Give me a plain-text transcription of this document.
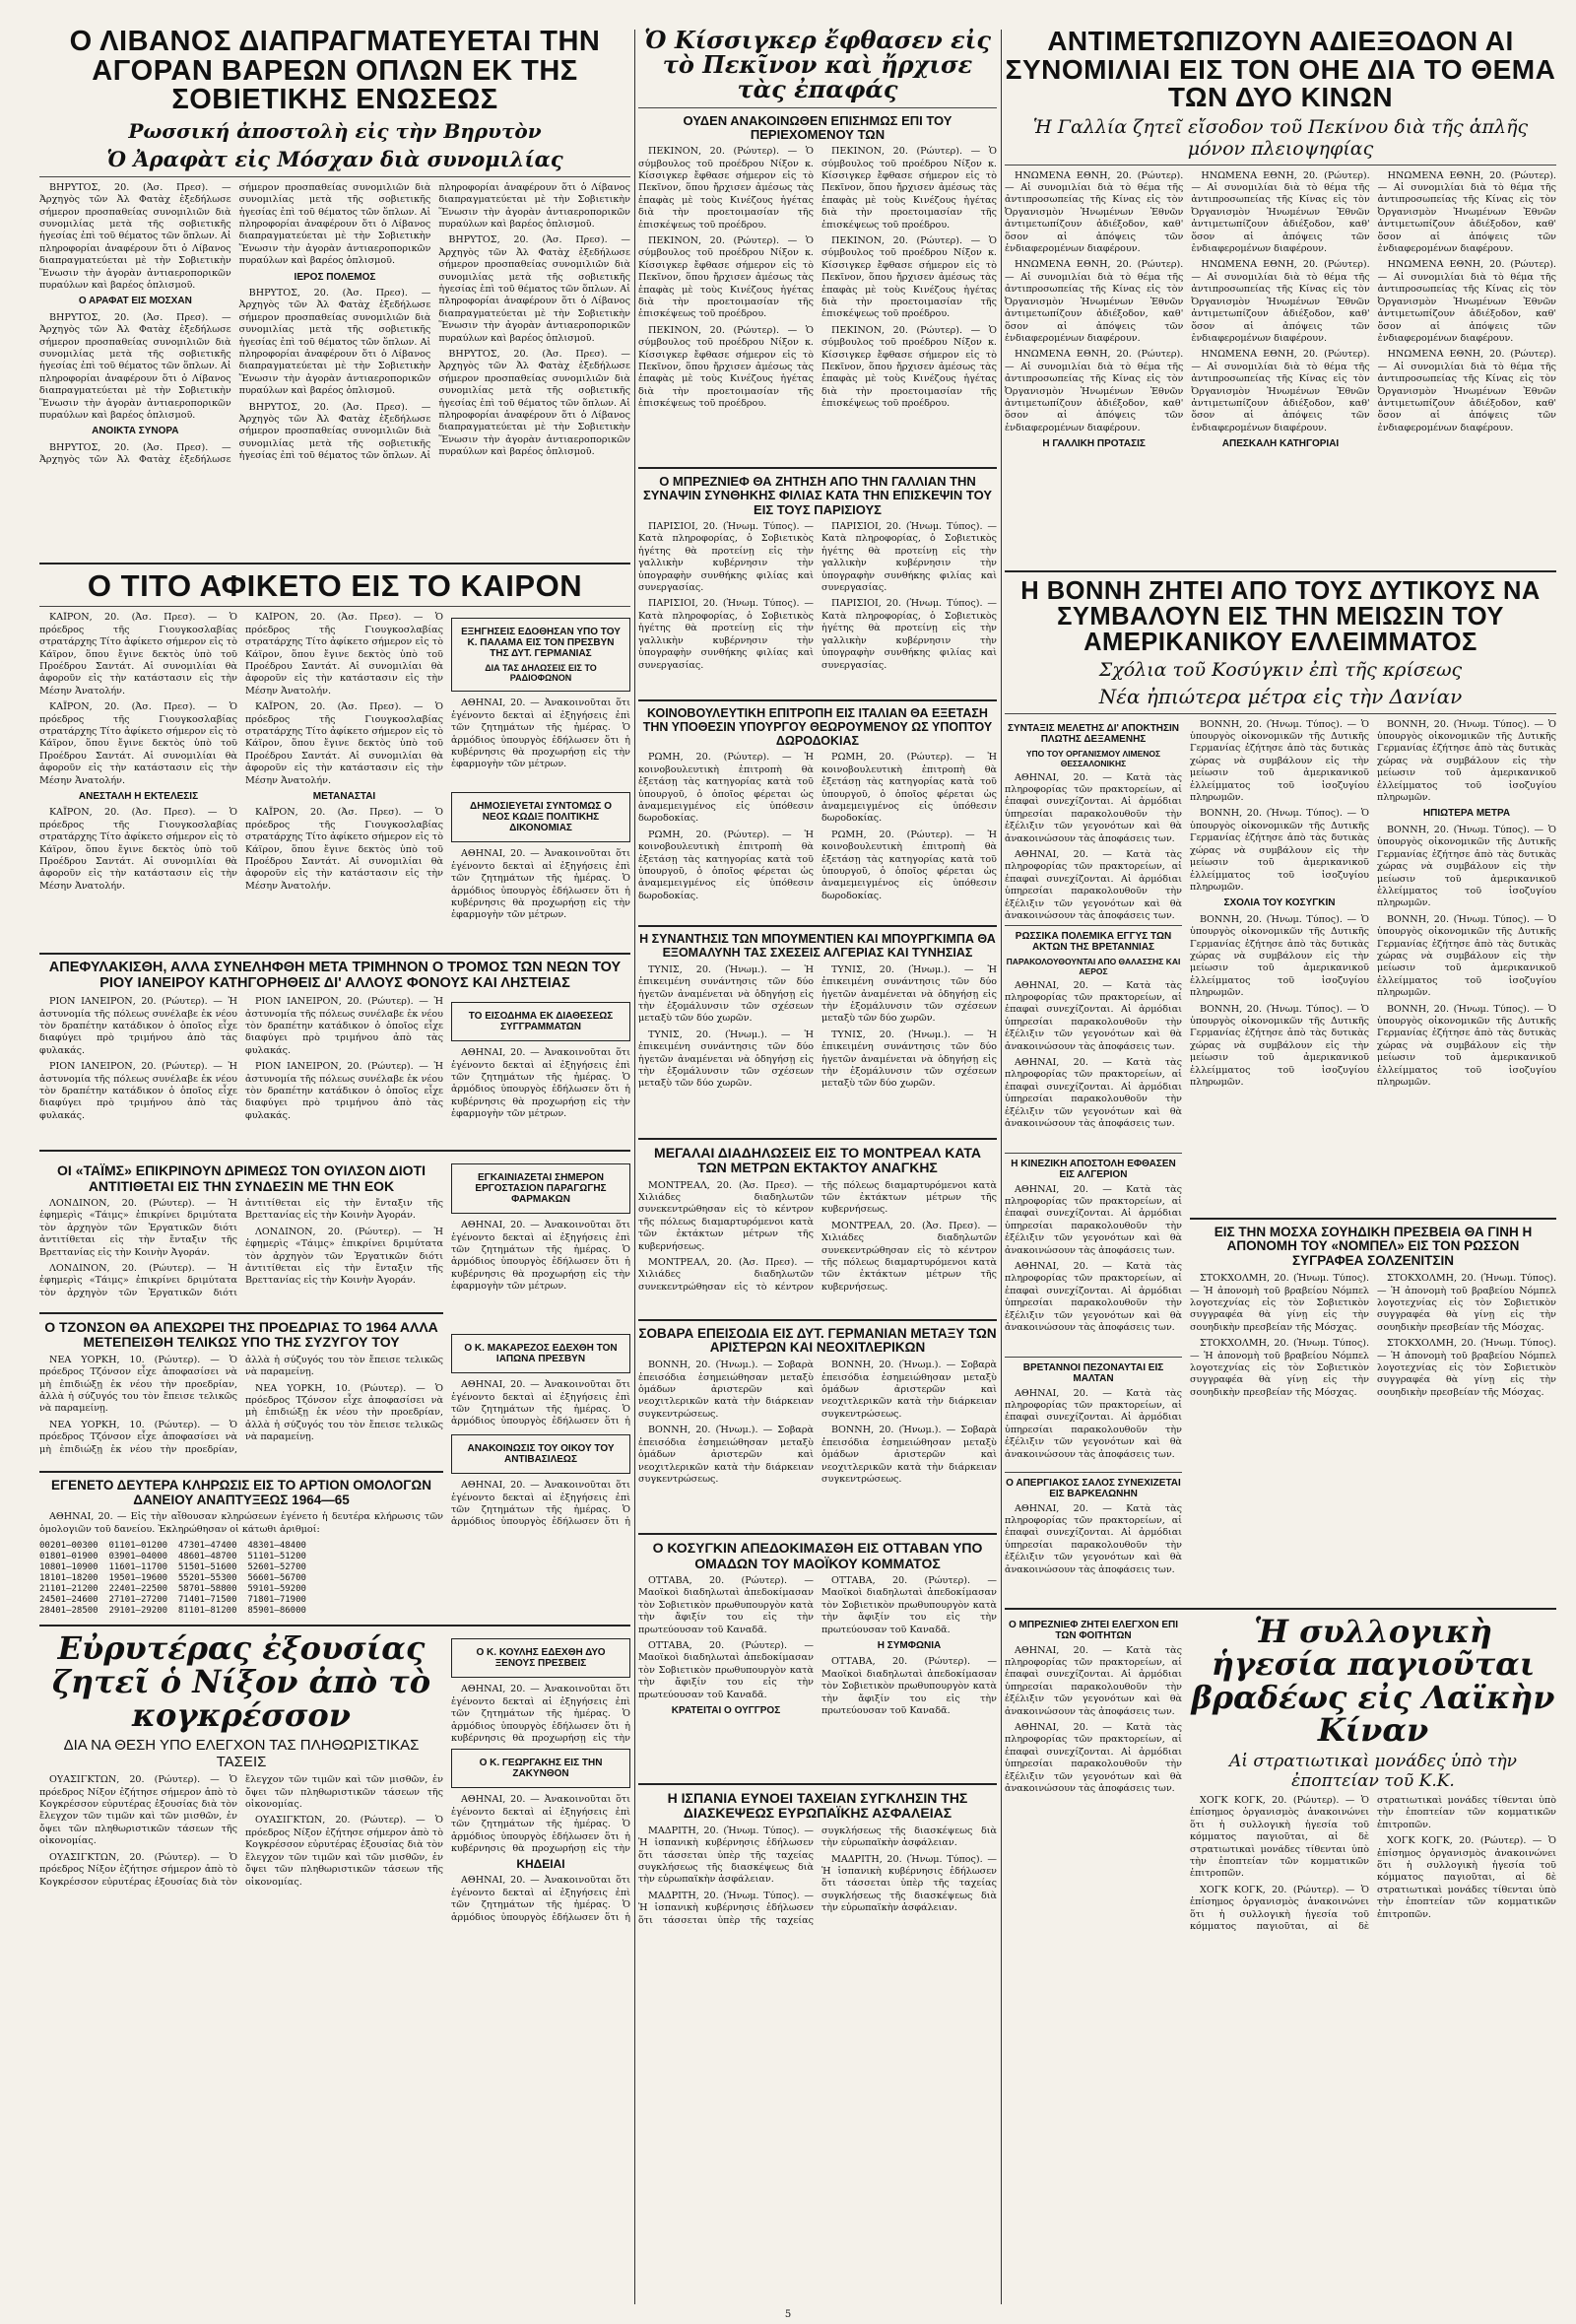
Ο ΛΙΒΑΝΟΣ ΔΙΑΠΡΑΓΜΑΤΕΥΕΤΑΙ ΤΗΝ ΑΓΟΡΑΝ ΒΑΡΕΩΝ ΟΠΛΩΝ ΕΚ ΤΗΣ ΣΟΒΙΕΤΙΚΗΣ ΕΝΩΣΕΩΣ
Ρωσσική ἀποστολὴ εἰς τὴν Βηρυτὸν
Ὁ Ἀραφὰτ εἰς Μόσχαν διὰ συνομιλίας

ΒΗΡΥΤΟΣ, 20. (Ἀσ. Πρεσ). — Ἀρχηγὸς τῶν Ἀλ Φατὰχ ἐξεδήλωσε σήμερον προσπαθείας συνομιλιῶν διὰ συνομιλίας μετὰ τῆς σοβιετικῆς ἡγεσίας ἐπὶ τοῦ θέματος τῶν ὅπλων. Αἱ πληροφορίαι ἀναφέρουν ὅτι ὁ Λίβανος διαπραγματεύεται μὲ τὴν Σοβιετικὴν Ἕνωσιν τὴν ἀγορὰν ἀντιαεροπορικῶν πυραύλων καὶ βαρέος ὁπλισμοῦ.

Ο ΑΡΑΦΑΤ ΕΙΣ ΜΟΣΧΑΝ

ΒΗΡΥΤΟΣ, 20. (Ἀσ. Πρεσ). — Ἀρχηγὸς τῶν Ἀλ Φατὰχ ἐξεδήλωσε σήμερον προσπαθείας συνομιλιῶν διὰ συνομιλίας μετὰ τῆς σοβιετικῆς ἡγεσίας ἐπὶ τοῦ θέματος τῶν ὅπλων. Αἱ πληροφορίαι ἀναφέρουν ὅτι ὁ Λίβανος διαπραγματεύεται μὲ τὴν Σοβιετικὴν Ἕνωσιν τὴν ἀγορὰν ἀντιαεροπορικῶν πυραύλων καὶ βαρέος ὁπλισμοῦ.

ΑΝΟΙΚΤΑ ΣΥΝΟΡΑ

ΒΗΡΥΤΟΣ, 20. (Ἀσ. Πρεσ). — Ἀρχηγὸς τῶν Ἀλ Φατὰχ ἐξεδήλωσε σήμερον προσπαθείας συνομιλιῶν διὰ συνομιλίας μετὰ τῆς σοβιετικῆς ἡγεσίας ἐπὶ τοῦ θέματος τῶν ὅπλων. Αἱ πληροφορίαι ἀναφέρουν ὅτι ὁ Λίβανος διαπραγματεύεται μὲ τὴν Σοβιετικὴν Ἕνωσιν τὴν ἀγορὰν ἀντιαεροπορικῶν πυραύλων καὶ βαρέος ὁπλισμοῦ.

ΙΕΡΟΣ ΠΟΛΕΜΟΣ

ΒΗΡΥΤΟΣ, 20. (Ἀσ. Πρεσ). — Ἀρχηγὸς τῶν Ἀλ Φατὰχ ἐξεδήλωσε σήμερον προσπαθείας συνομιλιῶν διὰ συνομιλίας μετὰ τῆς σοβιετικῆς ἡγεσίας ἐπὶ τοῦ θέματος τῶν ὅπλων. Αἱ πληροφορίαι ἀναφέρουν ὅτι ὁ Λίβανος διαπραγματεύεται μὲ τὴν Σοβιετικὴν Ἕνωσιν τὴν ἀγορὰν ἀντιαεροπορικῶν πυραύλων καὶ βαρέος ὁπλισμοῦ.

ΒΗΡΥΤΟΣ, 20. (Ἀσ. Πρεσ). — Ἀρχηγὸς τῶν Ἀλ Φατὰχ ἐξεδήλωσε σήμερον προσπαθείας συνομιλιῶν διὰ συνομιλίας μετὰ τῆς σοβιετικῆς ἡγεσίας ἐπὶ τοῦ θέματος τῶν ὅπλων. Αἱ πληροφορίαι ἀναφέρουν ὅτι ὁ Λίβανος διαπραγματεύεται μὲ τὴν Σοβιετικὴν Ἕνωσιν τὴν ἀγορὰν ἀντιαεροπορικῶν πυραύλων καὶ βαρέος ὁπλισμοῦ.

ΒΗΡΥΤΟΣ, 20. (Ἀσ. Πρεσ). — Ἀρχηγὸς τῶν Ἀλ Φατὰχ ἐξεδήλωσε σήμερον προσπαθείας συνομιλιῶν διὰ συνομιλίας μετὰ τῆς σοβιετικῆς ἡγεσίας ἐπὶ τοῦ θέματος τῶν ὅπλων. Αἱ πληροφορίαι ἀναφέρουν ὅτι ὁ Λίβανος διαπραγματεύεται μὲ τὴν Σοβιετικὴν Ἕνωσιν τὴν ἀγορὰν ἀντιαεροπορικῶν πυραύλων καὶ βαρέος ὁπλισμοῦ.

ΒΗΡΥΤΟΣ, 20. (Ἀσ. Πρεσ). — Ἀρχηγὸς τῶν Ἀλ Φατὰχ ἐξεδήλωσε σήμερον προσπαθείας συνομιλιῶν διὰ συνομιλίας μετὰ τῆς σοβιετικῆς ἡγεσίας ἐπὶ τοῦ θέματος τῶν ὅπλων. Αἱ πληροφορίαι ἀναφέρουν ὅτι ὁ Λίβανος διαπραγματεύεται μὲ τὴν Σοβιετικὴν Ἕνωσιν τὴν ἀγορὰν ἀντιαεροπορικῶν πυραύλων καὶ βαρέος ὁπλισμοῦ.

Ο ΤΙΤΟ ΑΦΙΚΕΤΟ ΕΙΣ ΤΟ ΚΑΙΡΟΝ

ΚΑΪΡΟΝ, 20. (Ἀσ. Πρεσ). — Ὁ πρόεδρος τῆς Γιουγκοσλαβίας στρατάρχης Τίτο ἀφίκετο σήμερον εἰς τὸ Κάϊρον, ὅπου ἔγινε δεκτὸς ὑπὸ τοῦ Προέδρου Σαντάτ. Αἱ συνομιλίαι θὰ ἀφοροῦν εἰς τὴν κατάστασιν εἰς τὴν Μέσην Ἀνατολήν.

ΚΑΪΡΟΝ, 20. (Ἀσ. Πρεσ). — Ὁ πρόεδρος τῆς Γιουγκοσλαβίας στρατάρχης Τίτο ἀφίκετο σήμερον εἰς τὸ Κάϊρον, ὅπου ἔγινε δεκτὸς ὑπὸ τοῦ Προέδρου Σαντάτ. Αἱ συνομιλίαι θὰ ἀφοροῦν εἰς τὴν κατάστασιν εἰς τὴν Μέσην Ἀνατολήν.

ΑΝΕΣΤΑΛΗ Η ΕΚΤΕΛΕΣΙΣ

ΚΑΪΡΟΝ, 20. (Ἀσ. Πρεσ). — Ὁ πρόεδρος τῆς Γιουγκοσλαβίας στρατάρχης Τίτο ἀφίκετο σήμερον εἰς τὸ Κάϊρον, ὅπου ἔγινε δεκτὸς ὑπὸ τοῦ Προέδρου Σαντάτ. Αἱ συνομιλίαι θὰ ἀφοροῦν εἰς τὴν κατάστασιν εἰς τὴν Μέσην Ἀνατολήν.

ΚΑΪΡΟΝ, 20. (Ἀσ. Πρεσ). — Ὁ πρόεδρος τῆς Γιουγκοσλαβίας στρατάρχης Τίτο ἀφίκετο σήμερον εἰς τὸ Κάϊρον, ὅπου ἔγινε δεκτὸς ὑπὸ τοῦ Προέδρου Σαντάτ. Αἱ συνομιλίαι θὰ ἀφοροῦν εἰς τὴν κατάστασιν εἰς τὴν Μέσην Ἀνατολήν.

ΚΑΪΡΟΝ, 20. (Ἀσ. Πρεσ). — Ὁ πρόεδρος τῆς Γιουγκοσλαβίας στρατάρχης Τίτο ἀφίκετο σήμερον εἰς τὸ Κάϊρον, ὅπου ἔγινε δεκτὸς ὑπὸ τοῦ Προέδρου Σαντάτ. Αἱ συνομιλίαι θὰ ἀφοροῦν εἰς τὴν κατάστασιν εἰς τὴν Μέσην Ἀνατολήν.

ΜΕΤΑΝΑΣΤΑΙ

ΚΑΪΡΟΝ, 20. (Ἀσ. Πρεσ). — Ὁ πρόεδρος τῆς Γιουγκοσλαβίας στρατάρχης Τίτο ἀφίκετο σήμερον εἰς τὸ Κάϊρον, ὅπου ἔγινε δεκτὸς ὑπὸ τοῦ Προέδρου Σαντάτ. Αἱ συνομιλίαι θὰ ἀφοροῦν εἰς τὴν κατάστασιν εἰς τὴν Μέσην Ἀνατολήν.

ΕΞΗΓΗΣΕΙΣ ΕΔΟΘΗΣΑΝ ΥΠΟ ΤΟΥ Κ. ΠΑΛΑΜΑ ΕΙΣ ΤΟΝ ΠΡΕΣΒΥΝ ΤΗΣ ΔΥΤ. ΓΕΡΜΑΝΙΑΣ
ΔΙΑ ΤΑΣ ΔΗΛΩΣΕΙΣ ΕΙΣ ΤΟ ΡΑΔΙΟΦΩΝΟΝ

ΑΘΗΝΑΙ, 20. — Ἀνακοινοῦται ὅτι ἐγένοντο δεκταὶ αἱ ἐξηγήσεις ἐπὶ τῶν ζητημάτων τῆς ἡμέρας. Ὁ ἁρμόδιος ὑπουργὸς ἐδήλωσεν ὅτι ἡ κυβέρνησις θὰ προχωρήσῃ εἰς τὴν ἐφαρμογὴν τῶν μέτρων.

ΔΗΜΟΣΙΕΥΕΤΑΙ ΣΥΝΤΟΜΩΣ Ο ΝΕΟΣ ΚΩΔΙΞ ΠΟΛΙΤΙΚΗΣ ΔΙΚΟΝΟΜΙΑΣ

ΑΘΗΝΑΙ, 20. — Ἀνακοινοῦται ὅτι ἐγένοντο δεκταὶ αἱ ἐξηγήσεις ἐπὶ τῶν ζητημάτων τῆς ἡμέρας. Ὁ ἁρμόδιος ὑπουργὸς ἐδήλωσεν ὅτι ἡ κυβέρνησις θὰ προχωρήσῃ εἰς τὴν ἐφαρμογὴν τῶν μέτρων.

ΑΠΕΦΥΛΑΚΙΣΘΗ, ΑΛΛΑ ΣΥΝΕΛΗΦΘΗ ΜΕΤΑ ΤΡΙΜΗΝΟΝ Ο ΤΡΟΜΟΣ ΤΩΝ ΝΕΩΝ ΤΟΥ ΡΙΟΥ ΙΑΝΕΙΡΟΥ ΚΑΤΗΓΟΡΗΘΕΙΣ ΔΙ' ΑΛΛΟΥΣ ΦΟΝΟΥΣ ΚΑΙ ΛΗΣΤΕΙΑΣ

ΡΙΟΝ ΙΑΝΕΙΡΟΝ, 20. (Ρώυτερ). — Ἡ ἀστυνομία τῆς πόλεως συνέλαβε ἐκ νέου τὸν δραπέτην κατάδικον ὁ ὁποῖος εἶχε διαφύγει πρὸ τριμήνου ἀπὸ τὰς φυλακάς.

ΡΙΟΝ ΙΑΝΕΙΡΟΝ, 20. (Ρώυτερ). — Ἡ ἀστυνομία τῆς πόλεως συνέλαβε ἐκ νέου τὸν δραπέτην κατάδικον ὁ ὁποῖος εἶχε διαφύγει πρὸ τριμήνου ἀπὸ τὰς φυλακάς.

ΡΙΟΝ ΙΑΝΕΙΡΟΝ, 20. (Ρώυτερ). — Ἡ ἀστυνομία τῆς πόλεως συνέλαβε ἐκ νέου τὸν δραπέτην κατάδικον ὁ ὁποῖος εἶχε διαφύγει πρὸ τριμήνου ἀπὸ τὰς φυλακάς.

ΡΙΟΝ ΙΑΝΕΙΡΟΝ, 20. (Ρώυτερ). — Ἡ ἀστυνομία τῆς πόλεως συνέλαβε ἐκ νέου τὸν δραπέτην κατάδικον ὁ ὁποῖος εἶχε διαφύγει πρὸ τριμήνου ἀπὸ τὰς φυλακάς.

ΤΟ ΕΙΣΟΔΗΜΑ ΕΚ ΔΙΑΘΕΣΕΩΣ ΣΥΓΓΡΑΜΜΑΤΩΝ

ΑΘΗΝΑΙ, 20. — Ἀνακοινοῦται ὅτι ἐγένοντο δεκταὶ αἱ ἐξηγήσεις ἐπὶ τῶν ζητημάτων τῆς ἡμέρας. Ὁ ἁρμόδιος ὑπουργὸς ἐδήλωσεν ὅτι ἡ κυβέρνησις θὰ προχωρήσῃ εἰς τὴν ἐφαρμογὴν τῶν μέτρων.

ΟΙ «ΤΑΪΜΣ» ΕΠΙΚΡΙΝΟΥΝ ΔΡΙΜΕΩΣ ΤΟΝ ΟΥΙΛΣΟΝ ΔΙΟΤΙ ΑΝΤΙΤΙΘΕΤΑΙ ΕΙΣ ΤΗΝ ΣΥΝΔΕΣΙΝ ΜΕ ΤΗΝ ΕΟΚ

ΛΟΝΔΙΝΟΝ, 20. (Ρώυτερ). — Ἡ ἐφημερὶς «Τάιμς» ἐπικρίνει δριμύτατα τὸν ἀρχηγὸν τῶν Ἐργατικῶν διότι ἀντιτίθεται εἰς τὴν ἔνταξιν τῆς Βρεττανίας εἰς τὴν Κοινὴν Ἀγοράν.

ΛΟΝΔΙΝΟΝ, 20. (Ρώυτερ). — Ἡ ἐφημερὶς «Τάιμς» ἐπικρίνει δριμύτατα τὸν ἀρχηγὸν τῶν Ἐργατικῶν διότι ἀντιτίθεται εἰς τὴν ἔνταξιν τῆς Βρεττανίας εἰς τὴν Κοινὴν Ἀγοράν.

ΛΟΝΔΙΝΟΝ, 20. (Ρώυτερ). — Ἡ ἐφημερὶς «Τάιμς» ἐπικρίνει δριμύτατα τὸν ἀρχηγὸν τῶν Ἐργατικῶν διότι ἀντιτίθεται εἰς τὴν ἔνταξιν τῆς Βρεττανίας εἰς τὴν Κοινὴν Ἀγοράν.

Ο ΤΖΟΝΣΟΝ ΘΑ ΑΠΕΧΩΡΕΙ ΤΗΣ ΠΡΟΕΔΡΙΑΣ ΤΟ 1964 ΑΛΛΑ ΜΕΤΕΠΕΙΣΘΗ ΤΕΛΙΚΩΣ ΥΠΟ ΤΗΣ ΣΥΖΥΓΟΥ ΤΟΥ

ΝΕΑ ΥΟΡΚΗ, 10. (Ρώυτερ). — Ὁ πρόεδρος Τζόνσον εἶχε ἀποφασίσει νὰ μὴ ἐπιδιώξῃ ἐκ νέου τὴν προεδρίαν, ἀλλὰ ἡ σύζυγός του τὸν ἔπεισε τελικῶς νὰ παραμείνῃ.

ΝΕΑ ΥΟΡΚΗ, 10. (Ρώυτερ). — Ὁ πρόεδρος Τζόνσον εἶχε ἀποφασίσει νὰ μὴ ἐπιδιώξῃ ἐκ νέου τὴν προεδρίαν, ἀλλὰ ἡ σύζυγός του τὸν ἔπεισε τελικῶς νὰ παραμείνῃ.

ΝΕΑ ΥΟΡΚΗ, 10. (Ρώυτερ). — Ὁ πρόεδρος Τζόνσον εἶχε ἀποφασίσει νὰ μὴ ἐπιδιώξῃ ἐκ νέου τὴν προεδρίαν, ἀλλὰ ἡ σύζυγός του τὸν ἔπεισε τελικῶς νὰ παραμείνῃ.

ΕΓΕΝΕΤΟ ΔΕΥΤΕΡΑ ΚΛΗΡΩΣΙΣ ΕΙΣ ΤΟ ΑΡΤΙΟΝ ΟΜΟΛΟΓΩΝ ΔΑΝΕΙΟΥ ΑΝΑΠΤΥΞΕΩΣ 1964—65

ΑΘΗΝΑΙ, 20. — Εἰς τὴν αἴθουσαν κληρώσεων ἐγένετο ἡ δευτέρα κλήρωσις τῶν ὁμολογιῶν τοῦ δανείου. Ἐκληρώθησαν οἱ κάτωθι ἀριθμοί:

00201—00300  01101—01200  47301—47400  48301—48400
01801—01900  03901—04000  48601—48700  51101—51200
10801—10900  11601—11700  51501—51600  52601—52700
18101—18200  19501—19600  55201—55300  56601—56700
21101—21200  22401—22500  58701—58800  59101—59200
24501—24600  27101—27200  71401—71500  71801—71900
28401—28500  29101—29200  81101—81200  85901—86000
ΕΓΚΑΙΝΙΑΖΕΤΑΙ ΣΗΜΕΡΟΝ ΕΡΓΟΣΤΑΣΙΟΝ ΠΑΡΑΓΩΓΗΣ ΦΑΡΜΑΚΩΝ

ΑΘΗΝΑΙ, 20. — Ἀνακοινοῦται ὅτι ἐγένοντο δεκταὶ αἱ ἐξηγήσεις ἐπὶ τῶν ζητημάτων τῆς ἡμέρας. Ὁ ἁρμόδιος ὑπουργὸς ἐδήλωσεν ὅτι ἡ κυβέρνησις θὰ προχωρήσῃ εἰς τὴν ἐφαρμογὴν τῶν μέτρων.

Ο Κ. ΜΑΚΑΡΕΖΟΣ ΕΔΕΧΘΗ ΤΟΝ ΙΑΠΩΝΑ ΠΡΕΣΒΥΝ

ΑΘΗΝΑΙ, 20. — Ἀνακοινοῦται ὅτι ἐγένοντο δεκταὶ αἱ ἐξηγήσεις ἐπὶ τῶν ζητημάτων τῆς ἡμέρας. Ὁ ἁρμόδιος ὑπουργὸς ἐδήλωσεν ὅτι ἡ

ΑΝΑΚΟΙΝΩΣΙΣ ΤΟΥ ΟΙΚΟΥ ΤΟΥ ΑΝΤΙΒΑΣΙΛΕΩΣ

ΑΘΗΝΑΙ, 20. — Ἀνακοινοῦται ὅτι ἐγένοντο δεκταὶ αἱ ἐξηγήσεις ἐπὶ τῶν ζητημάτων τῆς ἡμέρας. Ὁ ἁρμόδιος ὑπουργὸς ἐδήλωσεν ὅτι ἡ

Εὐρυτέρας ἐξουσίας ζητεῖ ὁ Νίξον ἀπὸ τὸ κογκρέσσον
ΔΙΑ ΝΑ ΘΕΣΗ ΥΠΟ ΕΛΕΓΧΟΝ ΤΑΣ ΠΛΗΘΩΡΙΣΤΙΚΑΣ ΤΑΣΕΙΣ

ΟΥΑΣΙΓΚΤΩΝ, 20. (Ρώυτερ). — Ὁ πρόεδρος Νίξον ἐζήτησε σήμερον ἀπὸ τὸ Κογκρέσσον εὐρυτέρας ἐξουσίας διὰ τὸν ἔλεγχον τῶν τιμῶν καὶ τῶν μισθῶν, ἐν ὄψει τῶν πληθωριστικῶν τάσεων τῆς οἰκονομίας.

ΟΥΑΣΙΓΚΤΩΝ, 20. (Ρώυτερ). — Ὁ πρόεδρος Νίξον ἐζήτησε σήμερον ἀπὸ τὸ Κογκρέσσον εὐρυτέρας ἐξουσίας διὰ τὸν ἔλεγχον τῶν τιμῶν καὶ τῶν μισθῶν, ἐν ὄψει τῶν πληθωριστικῶν τάσεων τῆς οἰκονομίας.

ΟΥΑΣΙΓΚΤΩΝ, 20. (Ρώυτερ). — Ὁ πρόεδρος Νίξον ἐζήτησε σήμερον ἀπὸ τὸ Κογκρέσσον εὐρυτέρας ἐξουσίας διὰ τὸν ἔλεγχον τῶν τιμῶν καὶ τῶν μισθῶν, ἐν ὄψει τῶν πληθωριστικῶν τάσεων τῆς οἰκονομίας.

Ο Κ. ΚΟΥΛΗΣ ΕΔΕΧΘΗ ΔΥΟ ΞΕΝΟΥΣ ΠΡΕΣΒΕΙΣ

ΑΘΗΝΑΙ, 20. — Ἀνακοινοῦται ὅτι ἐγένοντο δεκταὶ αἱ ἐξηγήσεις ἐπὶ τῶν ζητημάτων τῆς ἡμέρας. Ὁ ἁρμόδιος ὑπουργὸς ἐδήλωσεν ὅτι ἡ κυβέρνησις θὰ προχωρήσῃ εἰς τὴν

Ο Κ. ΓΕΩΡΓΑΚΗΣ ΕΙΣ ΤΗΝ ΖΑΚΥΝΘΟΝ

ΑΘΗΝΑΙ, 20. — Ἀνακοινοῦται ὅτι ἐγένοντο δεκταὶ αἱ ἐξηγήσεις ἐπὶ τῶν ζητημάτων τῆς ἡμέρας. Ὁ ἁρμόδιος ὑπουργὸς ἐδήλωσεν ὅτι ἡ κυβέρνησις θὰ προχωρήσῃ εἰς τὴν

ΚΗΔΕΙΑΙ

ΑΘΗΝΑΙ, 20. — Ἀνακοινοῦται ὅτι ἐγένοντο δεκταὶ αἱ ἐξηγήσεις ἐπὶ τῶν ζητημάτων τῆς ἡμέρας. Ὁ ἁρμόδιος ὑπουργὸς ἐδήλωσεν ὅτι ἡ

Ὁ Κίσσιγκερ ἔφθασεν εἰς τὸ Πεκῖνον καὶ ἤρχισε τὰς ἐπαφάς
ΟΥΔΕΝ ΑΝΑΚΟΙΝΩΘΕΝ ΕΠΙΣΗΜΩΣ ΕΠΙ ΤΟΥ ΠΕΡΙΕΧΟΜΕΝΟΥ ΤΩΝ

ΠΕΚΙΝΟΝ, 20. (Ρώυτερ). — Ὁ σύμβουλος τοῦ προέδρου Νίξον κ. Κίσσιγκερ ἔφθασε σήμερον εἰς τὸ Πεκῖνον, ὅπου ἤρχισεν ἀμέσως τὰς ἐπαφὰς μὲ τοὺς Κινέζους ἡγέτας διὰ τὴν προετοιμασίαν τῆς ἐπισκέψεως τοῦ προέδρου.

ΠΕΚΙΝΟΝ, 20. (Ρώυτερ). — Ὁ σύμβουλος τοῦ προέδρου Νίξον κ. Κίσσιγκερ ἔφθασε σήμερον εἰς τὸ Πεκῖνον, ὅπου ἤρχισεν ἀμέσως τὰς ἐπαφὰς μὲ τοὺς Κινέζους ἡγέτας διὰ τὴν προετοιμασίαν τῆς ἐπισκέψεως τοῦ προέδρου.

ΠΕΚΙΝΟΝ, 20. (Ρώυτερ). — Ὁ σύμβουλος τοῦ προέδρου Νίξον κ. Κίσσιγκερ ἔφθασε σήμερον εἰς τὸ Πεκῖνον, ὅπου ἤρχισεν ἀμέσως τὰς ἐπαφὰς μὲ τοὺς Κινέζους ἡγέτας διὰ τὴν προετοιμασίαν τῆς ἐπισκέψεως τοῦ προέδρου.

ΠΕΚΙΝΟΝ, 20. (Ρώυτερ). — Ὁ σύμβουλος τοῦ προέδρου Νίξον κ. Κίσσιγκερ ἔφθασε σήμερον εἰς τὸ Πεκῖνον, ὅπου ἤρχισεν ἀμέσως τὰς ἐπαφὰς μὲ τοὺς Κινέζους ἡγέτας διὰ τὴν προετοιμασίαν τῆς ἐπισκέψεως τοῦ προέδρου.

ΠΕΚΙΝΟΝ, 20. (Ρώυτερ). — Ὁ σύμβουλος τοῦ προέδρου Νίξον κ. Κίσσιγκερ ἔφθασε σήμερον εἰς τὸ Πεκῖνον, ὅπου ἤρχισεν ἀμέσως τὰς ἐπαφὰς μὲ τοὺς Κινέζους ἡγέτας διὰ τὴν προετοιμασίαν τῆς ἐπισκέψεως τοῦ προέδρου.

ΠΕΚΙΝΟΝ, 20. (Ρώυτερ). — Ὁ σύμβουλος τοῦ προέδρου Νίξον κ. Κίσσιγκερ ἔφθασε σήμερον εἰς τὸ Πεκῖνον, ὅπου ἤρχισεν ἀμέσως τὰς ἐπαφὰς μὲ τοὺς Κινέζους ἡγέτας διὰ τὴν προετοιμασίαν τῆς ἐπισκέψεως τοῦ προέδρου.

Ο ΜΠΡΕΖΝΙΕΦ ΘΑ ΖΗΤΗΣΗ ΑΠΟ ΤΗΝ ΓΑΛΛΙΑΝ ΤΗΝ ΣΥΝΑΨΙΝ ΣΥΝΘΗΚΗΣ ΦΙΛΙΑΣ ΚΑΤΑ ΤΗΝ ΕΠΙΣΚΕΨΙΝ ΤΟΥ ΕΙΣ ΤΟΥΣ ΠΑΡΙΣΙΟΥΣ

ΠΑΡΙΣΙΟΙ, 20. (Ἡνωμ. Τύπος). — Κατὰ πληροφορίας, ὁ Σοβιετικὸς ἡγέτης θὰ προτείνῃ εἰς τὴν γαλλικὴν κυβέρνησιν τὴν ὑπογραφὴν συνθήκης φιλίας καὶ συνεργασίας.

ΠΑΡΙΣΙΟΙ, 20. (Ἡνωμ. Τύπος). — Κατὰ πληροφορίας, ὁ Σοβιετικὸς ἡγέτης θὰ προτείνῃ εἰς τὴν γαλλικὴν κυβέρνησιν τὴν ὑπογραφὴν συνθήκης φιλίας καὶ συνεργασίας.

ΠΑΡΙΣΙΟΙ, 20. (Ἡνωμ. Τύπος). — Κατὰ πληροφορίας, ὁ Σοβιετικὸς ἡγέτης θὰ προτείνῃ εἰς τὴν γαλλικὴν κυβέρνησιν τὴν ὑπογραφὴν συνθήκης φιλίας καὶ συνεργασίας.

ΠΑΡΙΣΙΟΙ, 20. (Ἡνωμ. Τύπος). — Κατὰ πληροφορίας, ὁ Σοβιετικὸς ἡγέτης θὰ προτείνῃ εἰς τὴν γαλλικὴν κυβέρνησιν τὴν ὑπογραφὴν συνθήκης φιλίας καὶ συνεργασίας.

ΚΟΙΝΟΒΟΥΛΕΥΤΙΚΗ ΕΠΙΤΡΟΠΗ ΕΙΣ ΙΤΑΛΙΑΝ ΘΑ ΕΞΕΤΑΣΗ ΤΗΝ ΥΠΟΘΕΣΙΝ ΥΠΟΥΡΓΟΥ ΘΕΩΡΟΥΜΕΝΟΥ ΩΣ ΥΠΟΠΤΟΥ ΔΩΡΟΔΟΚΙΑΣ

ΡΩΜΗ, 20. (Ρώυτερ). — Ἡ κοινοβουλευτικὴ ἐπιτροπὴ θὰ ἐξετάσῃ τὰς κατηγορίας κατὰ τοῦ ὑπουργοῦ, ὁ ὁποῖος φέρεται ὡς ἀναμεμειγμένος εἰς ὑπόθεσιν δωροδοκίας.

ΡΩΜΗ, 20. (Ρώυτερ). — Ἡ κοινοβουλευτικὴ ἐπιτροπὴ θὰ ἐξετάσῃ τὰς κατηγορίας κατὰ τοῦ ὑπουργοῦ, ὁ ὁποῖος φέρεται ὡς ἀναμεμειγμένος εἰς ὑπόθεσιν δωροδοκίας.

ΡΩΜΗ, 20. (Ρώυτερ). — Ἡ κοινοβουλευτικὴ ἐπιτροπὴ θὰ ἐξετάσῃ τὰς κατηγορίας κατὰ τοῦ ὑπουργοῦ, ὁ ὁποῖος φέρεται ὡς ἀναμεμειγμένος εἰς ὑπόθεσιν δωροδοκίας.

ΡΩΜΗ, 20. (Ρώυτερ). — Ἡ κοινοβουλευτικὴ ἐπιτροπὴ θὰ ἐξετάσῃ τὰς κατηγορίας κατὰ τοῦ ὑπουργοῦ, ὁ ὁποῖος φέρεται ὡς ἀναμεμειγμένος εἰς ὑπόθεσιν δωροδοκίας.

Η ΣΥΝΑΝΤΗΣΙΣ ΤΩΝ ΜΠΟΥΜΕΝΤΙΕΝ ΚΑΙ ΜΠΟΥΡΓΚΙΜΠΑ ΘΑ ΕΞΟΜΑΛΥΝΗ ΤΑΣ ΣΧΕΣΕΙΣ ΑΛΓΕΡΙΑΣ ΚΑΙ ΤΥΝΗΣΙΑΣ

ΤΥΝΙΣ, 20. (Ἡνωμ.). — Ἡ ἐπικειμένη συνάντησις τῶν δύο ἡγετῶν ἀναμένεται νὰ ὁδηγήσῃ εἰς τὴν ἐξομάλυνσιν τῶν σχέσεων μεταξὺ τῶν δύο χωρῶν.

ΤΥΝΙΣ, 20. (Ἡνωμ.). — Ἡ ἐπικειμένη συνάντησις τῶν δύο ἡγετῶν ἀναμένεται νὰ ὁδηγήσῃ εἰς τὴν ἐξομάλυνσιν τῶν σχέσεων μεταξὺ τῶν δύο χωρῶν.

ΤΥΝΙΣ, 20. (Ἡνωμ.). — Ἡ ἐπικειμένη συνάντησις τῶν δύο ἡγετῶν ἀναμένεται νὰ ὁδηγήσῃ εἰς τὴν ἐξομάλυνσιν τῶν σχέσεων μεταξὺ τῶν δύο χωρῶν.

ΤΥΝΙΣ, 20. (Ἡνωμ.). — Ἡ ἐπικειμένη συνάντησις τῶν δύο ἡγετῶν ἀναμένεται νὰ ὁδηγήσῃ εἰς τὴν ἐξομάλυνσιν τῶν σχέσεων μεταξὺ τῶν δύο χωρῶν.

ΜΕΓΑΛΑΙ ΔΙΑΔΗΛΩΣΕΙΣ ΕΙΣ ΤΟ ΜΟΝΤΡΕΑΛ ΚΑΤΑ ΤΩΝ ΜΕΤΡΩΝ ΕΚΤΑΚΤΟΥ ΑΝΑΓΚΗΣ

ΜΟΝΤΡΕΑΛ, 20. (Ἀσ. Πρεσ). — Χιλιάδες διαδηλωτῶν συνεκεντρώθησαν εἰς τὸ κέντρον τῆς πόλεως διαμαρτυρόμενοι κατὰ τῶν ἐκτάκτων μέτρων τῆς κυβερνήσεως.

ΜΟΝΤΡΕΑΛ, 20. (Ἀσ. Πρεσ). — Χιλιάδες διαδηλωτῶν συνεκεντρώθησαν εἰς τὸ κέντρον τῆς πόλεως διαμαρτυρόμενοι κατὰ τῶν ἐκτάκτων μέτρων τῆς κυβερνήσεως.

ΜΟΝΤΡΕΑΛ, 20. (Ἀσ. Πρεσ). — Χιλιάδες διαδηλωτῶν συνεκεντρώθησαν εἰς τὸ κέντρον τῆς πόλεως διαμαρτυρόμενοι κατὰ τῶν ἐκτάκτων μέτρων τῆς κυβερνήσεως.

ΣΟΒΑΡΑ ΕΠΕΙΣΟΔΙΑ ΕΙΣ ΔΥΤ. ΓΕΡΜΑΝΙΑΝ ΜΕΤΑΞΥ ΤΩΝ ΑΡΙΣΤΕΡΩΝ ΚΑΙ ΝΕΟΧΙΤΛΕΡΙΚΩΝ

ΒΟΝΝΗ, 20. (Ἡνωμ.). — Σοβαρὰ ἐπεισόδια ἐσημειώθησαν μεταξὺ ὁμάδων ἀριστερῶν καὶ νεοχιτλερικῶν κατὰ τὴν διάρκειαν συγκεντρώσεως.

ΒΟΝΝΗ, 20. (Ἡνωμ.). — Σοβαρὰ ἐπεισόδια ἐσημειώθησαν μεταξὺ ὁμάδων ἀριστερῶν καὶ νεοχιτλερικῶν κατὰ τὴν διάρκειαν συγκεντρώσεως.

ΒΟΝΝΗ, 20. (Ἡνωμ.). — Σοβαρὰ ἐπεισόδια ἐσημειώθησαν μεταξὺ ὁμάδων ἀριστερῶν καὶ νεοχιτλερικῶν κατὰ τὴν διάρκειαν συγκεντρώσεως.

ΒΟΝΝΗ, 20. (Ἡνωμ.). — Σοβαρὰ ἐπεισόδια ἐσημειώθησαν μεταξὺ ὁμάδων ἀριστερῶν καὶ νεοχιτλερικῶν κατὰ τὴν διάρκειαν συγκεντρώσεως.

Ο ΚΟΣΥΓΚΙΝ ΑΠΕΔΟΚΙΜΑΣΘΗ ΕΙΣ ΟΤΤΑΒΑΝ ΥΠΟ ΟΜΑΔΩΝ ΤΟΥ ΜΑΟΪΚΟΥ ΚΟΜΜΑΤΟΣ

ΟΤΤΑΒΑ, 20. (Ρώυτερ). — Μαοϊκοὶ διαδηλωταὶ ἀπεδοκίμασαν τὸν Σοβιετικὸν πρωθυπουργὸν κατὰ τὴν ἄφιξίν του εἰς τὴν πρωτεύουσαν τοῦ Καναδᾶ.

ΟΤΤΑΒΑ, 20. (Ρώυτερ). — Μαοϊκοὶ διαδηλωταὶ ἀπεδοκίμασαν τὸν Σοβιετικὸν πρωθυπουργὸν κατὰ τὴν ἄφιξίν του εἰς τὴν πρωτεύουσαν τοῦ Καναδᾶ.

ΚΡΑΤΕΙΤΑΙ Ο ΟΥΓΓΡΟΣ

ΟΤΤΑΒΑ, 20. (Ρώυτερ). — Μαοϊκοὶ διαδηλωταὶ ἀπεδοκίμασαν τὸν Σοβιετικὸν πρωθυπουργὸν κατὰ τὴν ἄφιξίν του εἰς τὴν πρωτεύουσαν τοῦ Καναδᾶ.

Η ΣΥΜΦΩΝΙΑ

ΟΤΤΑΒΑ, 20. (Ρώυτερ). — Μαοϊκοὶ διαδηλωταὶ ἀπεδοκίμασαν τὸν Σοβιετικὸν πρωθυπουργὸν κατὰ τὴν ἄφιξίν του εἰς τὴν πρωτεύουσαν τοῦ Καναδᾶ.

Η ΙΣΠΑΝΙΑ ΕΥΝΟΕΙ ΤΑΧΕΙΑΝ ΣΥΓΚΛΗΣΙΝ ΤΗΣ ΔΙΑΣΚΕΨΕΩΣ ΕΥΡΩΠΑΪΚΗΣ ΑΣΦΑΛΕΙΑΣ

ΜΑΔΡΙΤΗ, 20. (Ἡνωμ. Τύπος). — Ἡ ἱσπανικὴ κυβέρνησις ἐδήλωσεν ὅτι τάσσεται ὑπὲρ τῆς ταχείας συγκλήσεως τῆς διασκέψεως διὰ τὴν εὐρωπαϊκὴν ἀσφάλειαν.

ΜΑΔΡΙΤΗ, 20. (Ἡνωμ. Τύπος). — Ἡ ἱσπανικὴ κυβέρνησις ἐδήλωσεν ὅτι τάσσεται ὑπὲρ τῆς ταχείας συγκλήσεως τῆς διασκέψεως διὰ τὴν εὐρωπαϊκὴν ἀσφάλειαν.

ΜΑΔΡΙΤΗ, 20. (Ἡνωμ. Τύπος). — Ἡ ἱσπανικὴ κυβέρνησις ἐδήλωσεν ὅτι τάσσεται ὑπὲρ τῆς ταχείας συγκλήσεως τῆς διασκέψεως διὰ τὴν εὐρωπαϊκὴν ἀσφάλειαν.

ΑΝΤΙΜΕΤΩΠΙΖΟΥΝ ΑΔΙΕΞΟΔΟΝ ΑΙ ΣΥΝΟΜΙΛΙΑΙ ΕΙΣ ΤΟΝ ΟΗΕ ΔΙΑ ΤΟ ΘΕΜΑ ΤΩΝ ΔΥΟ ΚΙΝΩΝ
Ἡ Γαλλία ζητεῖ εἴσοδον τοῦ Πεκίνου διὰ τῆς ἁπλῆς μόνον πλειοψηφίας

ΗΝΩΜΕΝΑ ΕΘΝΗ, 20. (Ρώυτερ). — Αἱ συνομιλίαι διὰ τὸ θέμα τῆς ἀντιπροσωπείας τῆς Κίνας εἰς τὸν Ὀργανισμὸν Ἡνωμένων Ἐθνῶν ἀντιμετωπίζουν ἀδιέξοδον, καθ' ὅσον αἱ ἀπόψεις τῶν ἐνδιαφερομένων διαφέρουν.

ΗΝΩΜΕΝΑ ΕΘΝΗ, 20. (Ρώυτερ). — Αἱ συνομιλίαι διὰ τὸ θέμα τῆς ἀντιπροσωπείας τῆς Κίνας εἰς τὸν Ὀργανισμὸν Ἡνωμένων Ἐθνῶν ἀντιμετωπίζουν ἀδιέξοδον, καθ' ὅσον αἱ ἀπόψεις τῶν ἐνδιαφερομένων διαφέρουν.

ΗΝΩΜΕΝΑ ΕΘΝΗ, 20. (Ρώυτερ). — Αἱ συνομιλίαι διὰ τὸ θέμα τῆς ἀντιπροσωπείας τῆς Κίνας εἰς τὸν Ὀργανισμὸν Ἡνωμένων Ἐθνῶν ἀντιμετωπίζουν ἀδιέξοδον, καθ' ὅσον αἱ ἀπόψεις τῶν ἐνδιαφερομένων διαφέρουν.

Η ΓΑΛΛΙΚΗ ΠΡΟΤΑΣΙΣ

ΗΝΩΜΕΝΑ ΕΘΝΗ, 20. (Ρώυτερ). — Αἱ συνομιλίαι διὰ τὸ θέμα τῆς ἀντιπροσωπείας τῆς Κίνας εἰς τὸν Ὀργανισμὸν Ἡνωμένων Ἐθνῶν ἀντιμετωπίζουν ἀδιέξοδον, καθ' ὅσον αἱ ἀπόψεις τῶν ἐνδιαφερομένων διαφέρουν.

ΗΝΩΜΕΝΑ ΕΘΝΗ, 20. (Ρώυτερ). — Αἱ συνομιλίαι διὰ τὸ θέμα τῆς ἀντιπροσωπείας τῆς Κίνας εἰς τὸν Ὀργανισμὸν Ἡνωμένων Ἐθνῶν ἀντιμετωπίζουν ἀδιέξοδον, καθ' ὅσον αἱ ἀπόψεις τῶν ἐνδιαφερομένων διαφέρουν.

ΗΝΩΜΕΝΑ ΕΘΝΗ, 20. (Ρώυτερ). — Αἱ συνομιλίαι διὰ τὸ θέμα τῆς ἀντιπροσωπείας τῆς Κίνας εἰς τὸν Ὀργανισμὸν Ἡνωμένων Ἐθνῶν ἀντιμετωπίζουν ἀδιέξοδον, καθ' ὅσον αἱ ἀπόψεις τῶν ἐνδιαφερομένων διαφέρουν.

ΑΠΕΣΚΑΛΗ ΚΑΤΗΓΟΡΙΑΙ

ΗΝΩΜΕΝΑ ΕΘΝΗ, 20. (Ρώυτερ). — Αἱ συνομιλίαι διὰ τὸ θέμα τῆς ἀντιπροσωπείας τῆς Κίνας εἰς τὸν Ὀργανισμὸν Ἡνωμένων Ἐθνῶν ἀντιμετωπίζουν ἀδιέξοδον, καθ' ὅσον αἱ ἀπόψεις τῶν ἐνδιαφερομένων διαφέρουν.

ΗΝΩΜΕΝΑ ΕΘΝΗ, 20. (Ρώυτερ). — Αἱ συνομιλίαι διὰ τὸ θέμα τῆς ἀντιπροσωπείας τῆς Κίνας εἰς τὸν Ὀργανισμὸν Ἡνωμένων Ἐθνῶν ἀντιμετωπίζουν ἀδιέξοδον, καθ' ὅσον αἱ ἀπόψεις τῶν ἐνδιαφερομένων διαφέρουν.

ΗΝΩΜΕΝΑ ΕΘΝΗ, 20. (Ρώυτερ). — Αἱ συνομιλίαι διὰ τὸ θέμα τῆς ἀντιπροσωπείας τῆς Κίνας εἰς τὸν Ὀργανισμὸν Ἡνωμένων Ἐθνῶν ἀντιμετωπίζουν ἀδιέξοδον, καθ' ὅσον αἱ ἀπόψεις τῶν ἐνδιαφερομένων διαφέρουν.

Η ΒΟΝΝΗ ΖΗΤΕΙ ΑΠΟ ΤΟΥΣ ΔΥΤΙΚΟΥΣ ΝΑ ΣΥΜΒΑΛΟΥΝ ΕΙΣ ΤΗΝ ΜΕΙΩΣΙΝ ΤΟΥ ΑΜΕΡΙΚΑΝΙΚΟΥ ΕΛΛΕΙΜΜΑΤΟΣ
Σχόλια τοῦ Κοσύγκιν ἐπὶ τῆς κρίσεως
Νέα ἠπιώτερα μέτρα εἰς τὴν Δανίαν
ΣΥΝΤΑΞΙΣ ΜΕΛΕΤΗΣ ΔΙ' ΑΠΟΚΤΗΣΙΝ ΠΛΩΤΗΣ ΔΕΞΑΜΕΝΗΣ
ΥΠΟ ΤΟΥ ΟΡΓΑΝΙΣΜΟΥ ΛΙΜΕΝΟΣ ΘΕΣΣΑΛΟΝΙΚΗΣ

ΑΘΗΝΑΙ, 20. — Κατὰ τὰς πληροφορίας τῶν πρακτορείων, αἱ ἐπαφαὶ συνεχίζονται. Αἱ ἀρμόδιαι ὑπηρεσίαι παρακολουθοῦν τὴν ἐξέλιξιν τῶν γεγονότων καὶ θὰ ἀνακοινώσουν τὰς ἀποφάσεις των.

ΑΘΗΝΑΙ, 20. — Κατὰ τὰς πληροφορίας τῶν πρακτορείων, αἱ ἐπαφαὶ συνεχίζονται. Αἱ ἀρμόδιαι ὑπηρεσίαι παρακολουθοῦν τὴν ἐξέλιξιν τῶν γεγονότων καὶ θὰ ἀνακοινώσουν τὰς ἀποφάσεις των.

ΡΩΣΣΙΚΑ ΠΟΛΕΜΙΚΑ ΕΓΓΥΣ ΤΩΝ ΑΚΤΩΝ ΤΗΣ ΒΡΕΤΑΝΝΙΑΣ
ΠΑΡΑΚΟΛΟΥΘΟΥΝΤΑΙ ΑΠΟ ΘΑΛΑΣΣΗΣ ΚΑΙ ΑΕΡΟΣ

ΑΘΗΝΑΙ, 20. — Κατὰ τὰς πληροφορίας τῶν πρακτορείων, αἱ ἐπαφαὶ συνεχίζονται. Αἱ ἀρμόδιαι ὑπηρεσίαι παρακολουθοῦν τὴν ἐξέλιξιν τῶν γεγονότων καὶ θὰ ἀνακοινώσουν τὰς ἀποφάσεις των.

ΑΘΗΝΑΙ, 20. — Κατὰ τὰς πληροφορίας τῶν πρακτορείων, αἱ ἐπαφαὶ συνεχίζονται. Αἱ ἀρμόδιαι ὑπηρεσίαι παρακολουθοῦν τὴν ἐξέλιξιν τῶν γεγονότων καὶ θὰ ἀνακοινώσουν τὰς ἀποφάσεις των.

Η ΚΙΝΕΖΙΚΗ ΑΠΟΣΤΟΛΗ ΕΦΘΑΣΕΝ ΕΙΣ ΑΛΓΕΡΙΟΝ

ΑΘΗΝΑΙ, 20. — Κατὰ τὰς πληροφορίας τῶν πρακτορείων, αἱ ἐπαφαὶ συνεχίζονται. Αἱ ἀρμόδιαι ὑπηρεσίαι παρακολουθοῦν τὴν ἐξέλιξιν τῶν γεγονότων καὶ θὰ ἀνακοινώσουν τὰς ἀποφάσεις των.

ΑΘΗΝΑΙ, 20. — Κατὰ τὰς πληροφορίας τῶν πρακτορείων, αἱ ἐπαφαὶ συνεχίζονται. Αἱ ἀρμόδιαι ὑπηρεσίαι παρακολουθοῦν τὴν ἐξέλιξιν τῶν γεγονότων καὶ θὰ ἀνακοινώσουν τὰς ἀποφάσεις των.

ΒΡΕΤΑΝΝΟΙ ΠΕΖΟΝΑΥΤΑΙ ΕΙΣ ΜΑΛΤΑΝ

ΑΘΗΝΑΙ, 20. — Κατὰ τὰς πληροφορίας τῶν πρακτορείων, αἱ ἐπαφαὶ συνεχίζονται. Αἱ ἀρμόδιαι ὑπηρεσίαι παρακολουθοῦν τὴν ἐξέλιξιν τῶν γεγονότων καὶ θὰ ἀνακοινώσουν τὰς ἀποφάσεις των.

Ο ΑΠΕΡΓΙΑΚΟΣ ΣΑΛΟΣ ΣΥΝΕΧΙΖΕΤΑΙ ΕΙΣ ΒΑΡΚΕΛΩΝΗΝ

ΑΘΗΝΑΙ, 20. — Κατὰ τὰς πληροφορίας τῶν πρακτορείων, αἱ ἐπαφαὶ συνεχίζονται. Αἱ ἀρμόδιαι ὑπηρεσίαι παρακολουθοῦν τὴν ἐξέλιξιν τῶν γεγονότων καὶ θὰ ἀνακοινώσουν τὰς ἀποφάσεις των.

ΒΟΝΝΗ, 20. (Ἡνωμ. Τύπος). — Ὁ ὑπουργὸς οἰκονομικῶν τῆς Δυτικῆς Γερμανίας ἐζήτησε ἀπὸ τὰς δυτικὰς χώρας νὰ συμβάλουν εἰς τὴν μείωσιν τοῦ ἀμερικανικοῦ ἐλλείμματος τοῦ ἰσοζυγίου πληρωμῶν.

ΒΟΝΝΗ, 20. (Ἡνωμ. Τύπος). — Ὁ ὑπουργὸς οἰκονομικῶν τῆς Δυτικῆς Γερμανίας ἐζήτησε ἀπὸ τὰς δυτικὰς χώρας νὰ συμβάλουν εἰς τὴν μείωσιν τοῦ ἀμερικανικοῦ ἐλλείμματος τοῦ ἰσοζυγίου πληρωμῶν.

ΣΧΟΛΙΑ ΤΟΥ ΚΟΣΥΓΚΙΝ

ΒΟΝΝΗ, 20. (Ἡνωμ. Τύπος). — Ὁ ὑπουργὸς οἰκονομικῶν τῆς Δυτικῆς Γερμανίας ἐζήτησε ἀπὸ τὰς δυτικὰς χώρας νὰ συμβάλουν εἰς τὴν μείωσιν τοῦ ἀμερικανικοῦ ἐλλείμματος τοῦ ἰσοζυγίου πληρωμῶν.

ΒΟΝΝΗ, 20. (Ἡνωμ. Τύπος). — Ὁ ὑπουργὸς οἰκονομικῶν τῆς Δυτικῆς Γερμανίας ἐζήτησε ἀπὸ τὰς δυτικὰς χώρας νὰ συμβάλουν εἰς τὴν μείωσιν τοῦ ἀμερικανικοῦ ἐλλείμματος τοῦ ἰσοζυγίου πληρωμῶν.

ΒΟΝΝΗ, 20. (Ἡνωμ. Τύπος). — Ὁ ὑπουργὸς οἰκονομικῶν τῆς Δυτικῆς Γερμανίας ἐζήτησε ἀπὸ τὰς δυτικὰς χώρας νὰ συμβάλουν εἰς τὴν μείωσιν τοῦ ἀμερικανικοῦ ἐλλείμματος τοῦ ἰσοζυγίου πληρωμῶν.

ΗΠΙΩΤΕΡΑ ΜΕΤΡΑ

ΒΟΝΝΗ, 20. (Ἡνωμ. Τύπος). — Ὁ ὑπουργὸς οἰκονομικῶν τῆς Δυτικῆς Γερμανίας ἐζήτησε ἀπὸ τὰς δυτικὰς χώρας νὰ συμβάλουν εἰς τὴν μείωσιν τοῦ ἀμερικανικοῦ ἐλλείμματος τοῦ ἰσοζυγίου πληρωμῶν.

ΒΟΝΝΗ, 20. (Ἡνωμ. Τύπος). — Ὁ ὑπουργὸς οἰκονομικῶν τῆς Δυτικῆς Γερμανίας ἐζήτησε ἀπὸ τὰς δυτικὰς χώρας νὰ συμβάλουν εἰς τὴν μείωσιν τοῦ ἀμερικανικοῦ ἐλλείμματος τοῦ ἰσοζυγίου πληρωμῶν.

ΒΟΝΝΗ, 20. (Ἡνωμ. Τύπος). — Ὁ ὑπουργὸς οἰκονομικῶν τῆς Δυτικῆς Γερμανίας ἐζήτησε ἀπὸ τὰς δυτικὰς χώρας νὰ συμβάλουν εἰς τὴν μείωσιν τοῦ ἀμερικανικοῦ ἐλλείμματος τοῦ ἰσοζυγίου πληρωμῶν.

ΕΙΣ ΤΗΝ ΜΟΣΧΑ ΣΟΥΗΔΙΚΗ ΠΡΕΣΒΕΙΑ ΘΑ ΓΙΝΗ Η ΑΠΟΝΟΜΗ ΤΟΥ «ΝΟΜΠΕΛ» ΕΙΣ ΤΟΝ ΡΩΣΣΟΝ ΣΥΓΡΑΦΕΑ ΣΟΛΖΕΝΙΤΣΙΝ

ΣΤΟΚΧΟΛΜΗ, 20. (Ἡνωμ. Τύπος). — Ἡ ἀπονομὴ τοῦ βραβείου Νόμπελ λογοτεχνίας εἰς τὸν Σοβιετικὸν συγγραφέα θὰ γίνῃ εἰς τὴν σουηδικὴν πρεσβείαν τῆς Μόσχας.

ΣΤΟΚΧΟΛΜΗ, 20. (Ἡνωμ. Τύπος). — Ἡ ἀπονομὴ τοῦ βραβείου Νόμπελ λογοτεχνίας εἰς τὸν Σοβιετικὸν συγγραφέα θὰ γίνῃ εἰς τὴν σουηδικὴν πρεσβείαν τῆς Μόσχας.

ΣΤΟΚΧΟΛΜΗ, 20. (Ἡνωμ. Τύπος). — Ἡ ἀπονομὴ τοῦ βραβείου Νόμπελ λογοτεχνίας εἰς τὸν Σοβιετικὸν συγγραφέα θὰ γίνῃ εἰς τὴν σουηδικὴν πρεσβείαν τῆς Μόσχας.

ΣΤΟΚΧΟΛΜΗ, 20. (Ἡνωμ. Τύπος). — Ἡ ἀπονομὴ τοῦ βραβείου Νόμπελ λογοτεχνίας εἰς τὸν Σοβιετικὸν συγγραφέα θὰ γίνῃ εἰς τὴν σουηδικὴν πρεσβείαν τῆς Μόσχας.

Ο ΜΠΡΕΖΝΙΕΦ ΖΗΤΕΙ ΕΛΕΓΧΟΝ ΕΠΙ ΤΩΝ ΦΟΙΤΗΤΩΝ

ΑΘΗΝΑΙ, 20. — Κατὰ τὰς πληροφορίας τῶν πρακτορείων, αἱ ἐπαφαὶ συνεχίζονται. Αἱ ἀρμόδιαι ὑπηρεσίαι παρακολουθοῦν τὴν ἐξέλιξιν τῶν γεγονότων καὶ θὰ ἀνακοινώσουν τὰς ἀποφάσεις των.

ΑΘΗΝΑΙ, 20. — Κατὰ τὰς πληροφορίας τῶν πρακτορείων, αἱ ἐπαφαὶ συνεχίζονται. Αἱ ἀρμόδιαι ὑπηρεσίαι παρακολουθοῦν τὴν ἐξέλιξιν τῶν γεγονότων καὶ θὰ ἀνακοινώσουν τὰς ἀποφάσεις των.

Ἡ συλλογικὴ ἡγεσία παγιοῦται βραδέως εἰς Λαϊκὴν Κίναν
Αἱ στρατιωτικαὶ μονάδες ὑπὸ τὴν ἐποπτείαν τοῦ Κ.Κ.

ΧΟΓΚ ΚΟΓΚ, 20. (Ρώυτερ). — Ὁ ἐπίσημος ὀργανισμὸς ἀνακοινώνει ὅτι ἡ συλλογικὴ ἡγεσία τοῦ κόμματος παγιοῦται, αἱ δὲ στρατιωτικαὶ μονάδες τίθενται ὑπὸ τὴν ἐποπτείαν τῶν κομματικῶν ἐπιτροπῶν.

ΧΟΓΚ ΚΟΓΚ, 20. (Ρώυτερ). — Ὁ ἐπίσημος ὀργανισμὸς ἀνακοινώνει ὅτι ἡ συλλογικὴ ἡγεσία τοῦ κόμματος παγιοῦται, αἱ δὲ στρατιωτικαὶ μονάδες τίθενται ὑπὸ τὴν ἐποπτείαν τῶν κομματικῶν ἐπιτροπῶν.

ΧΟΓΚ ΚΟΓΚ, 20. (Ρώυτερ). — Ὁ ἐπίσημος ὀργανισμὸς ἀνακοινώνει ὅτι ἡ συλλογικὴ ἡγεσία τοῦ κόμματος παγιοῦται, αἱ δὲ στρατιωτικαὶ μονάδες τίθενται ὑπὸ τὴν ἐποπτείαν τῶν κομματικῶν ἐπιτροπῶν.

5
